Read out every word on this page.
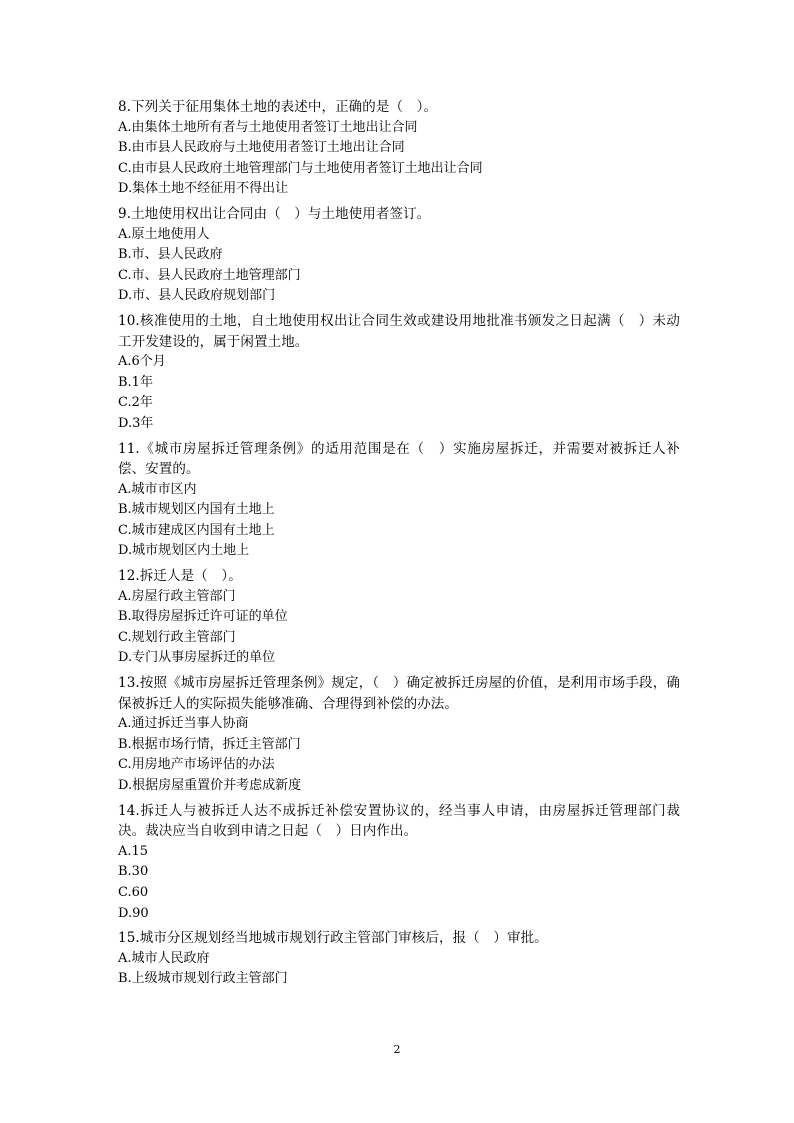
8.下列关于征用集体土地的表述中，正确的是（　）。

A.由集体土地所有者与土地使用者签订土地出让合同
B.由市县人民政府与土地使用者签订土地出让合同
C.由市县人民政府土地管理部门与土地使用者签订土地出让合同
D.集体土地不经征用不得出让

9.土地使用权出让合同由（　）与土地使用者签订。

A.原土地使用人
B.市、县人民政府
C.市、县人民政府土地管理部门
D.市、县人民政府规划部门

10.核准使用的土地，自土地使用权出让合同生效或建设用地批准书颁发之日起满（　）未动工开发建设的，属于闲置土地。

A.6个月
B.1年
C.2年
D.3年

11.《城市房屋拆迁管理条例》的适用范围是在（　）实施房屋拆迁，并需要对被拆迁人补偿、安置的。

A.城市市区内
B.城市规划区内国有土地上
C.城市建成区内国有土地上
D.城市规划区内土地上

12.拆迁人是（　）。

A.房屋行政主管部门
B.取得房屋拆迁许可证的单位
C.规划行政主管部门
D.专门从事房屋拆迁的单位

13.按照《城市房屋拆迁管理条例》规定，（　）确定被拆迁房屋的价值，是利用市场手段，确保被拆迁人的实际损失能够准确、合理得到补偿的办法。

A.通过拆迁当事人协商
B.根据市场行情，拆迁主管部门
C.用房地产市场评估的办法
D.根据房屋重置价并考虑成新度

14.拆迁人与被拆迁人达不成拆迁补偿安置协议的，经当事人申请，由房屋拆迁管理部门裁决。裁决应当自收到申请之日起（　）日内作出。

A.15
B.30
C.60
D.90

15.城市分区规划经当地城市规划行政主管部门审核后，报（　）审批。

A.城市人民政府
B.上级城市规划行政主管部门
2
